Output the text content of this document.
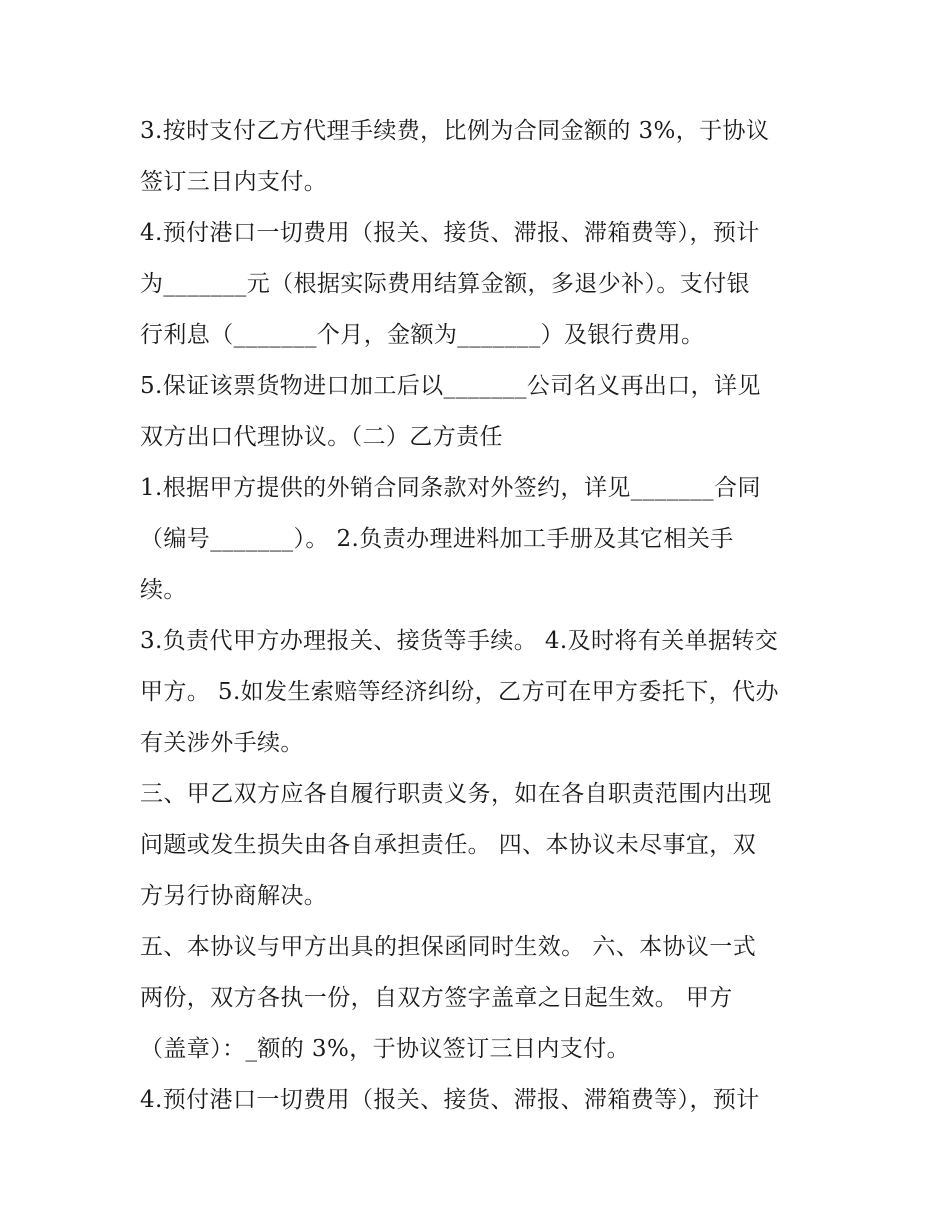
3.按时支付乙方代理手续费，比例为合同金额的 3%，于协议
签订三日内支付。
4.预付港口一切费用（报关、接货、滞报、滞箱费等），预计
为_______元（根据实际费用结算金额，多退少补）。支付银
行利息（_______个月，金额为_______）及银行费用。
5.保证该票货物进口加工后以_______公司名义再出口，详见
双方出口代理协议。（二）乙方责任
1.根据甲方提供的外销合同条款对外签约，详见_______合同
（编号_______）。 2.负责办理进料加工手册及其它相关手
续。
3.负责代甲方办理报关、接货等手续。 4.及时将有关单据转交
甲方。 5.如发生索赔等经济纠纷，乙方可在甲方委托下，代办
有关涉外手续。
三、甲乙双方应各自履行职责义务，如在各自职责范围内出现
问题或发生损失由各自承担责任。 四、本协议未尽事宜，双
方另行协商解决。
五、本协议与甲方出具的担保函同时生效。 六、本协议一式
两份，双方各执一份，自双方签字盖章之日起生效。 甲方
（盖章）：_额的 3%，于协议签订三日内支付。
4.预付港口一切费用（报关、接货、滞报、滞箱费等），预计
